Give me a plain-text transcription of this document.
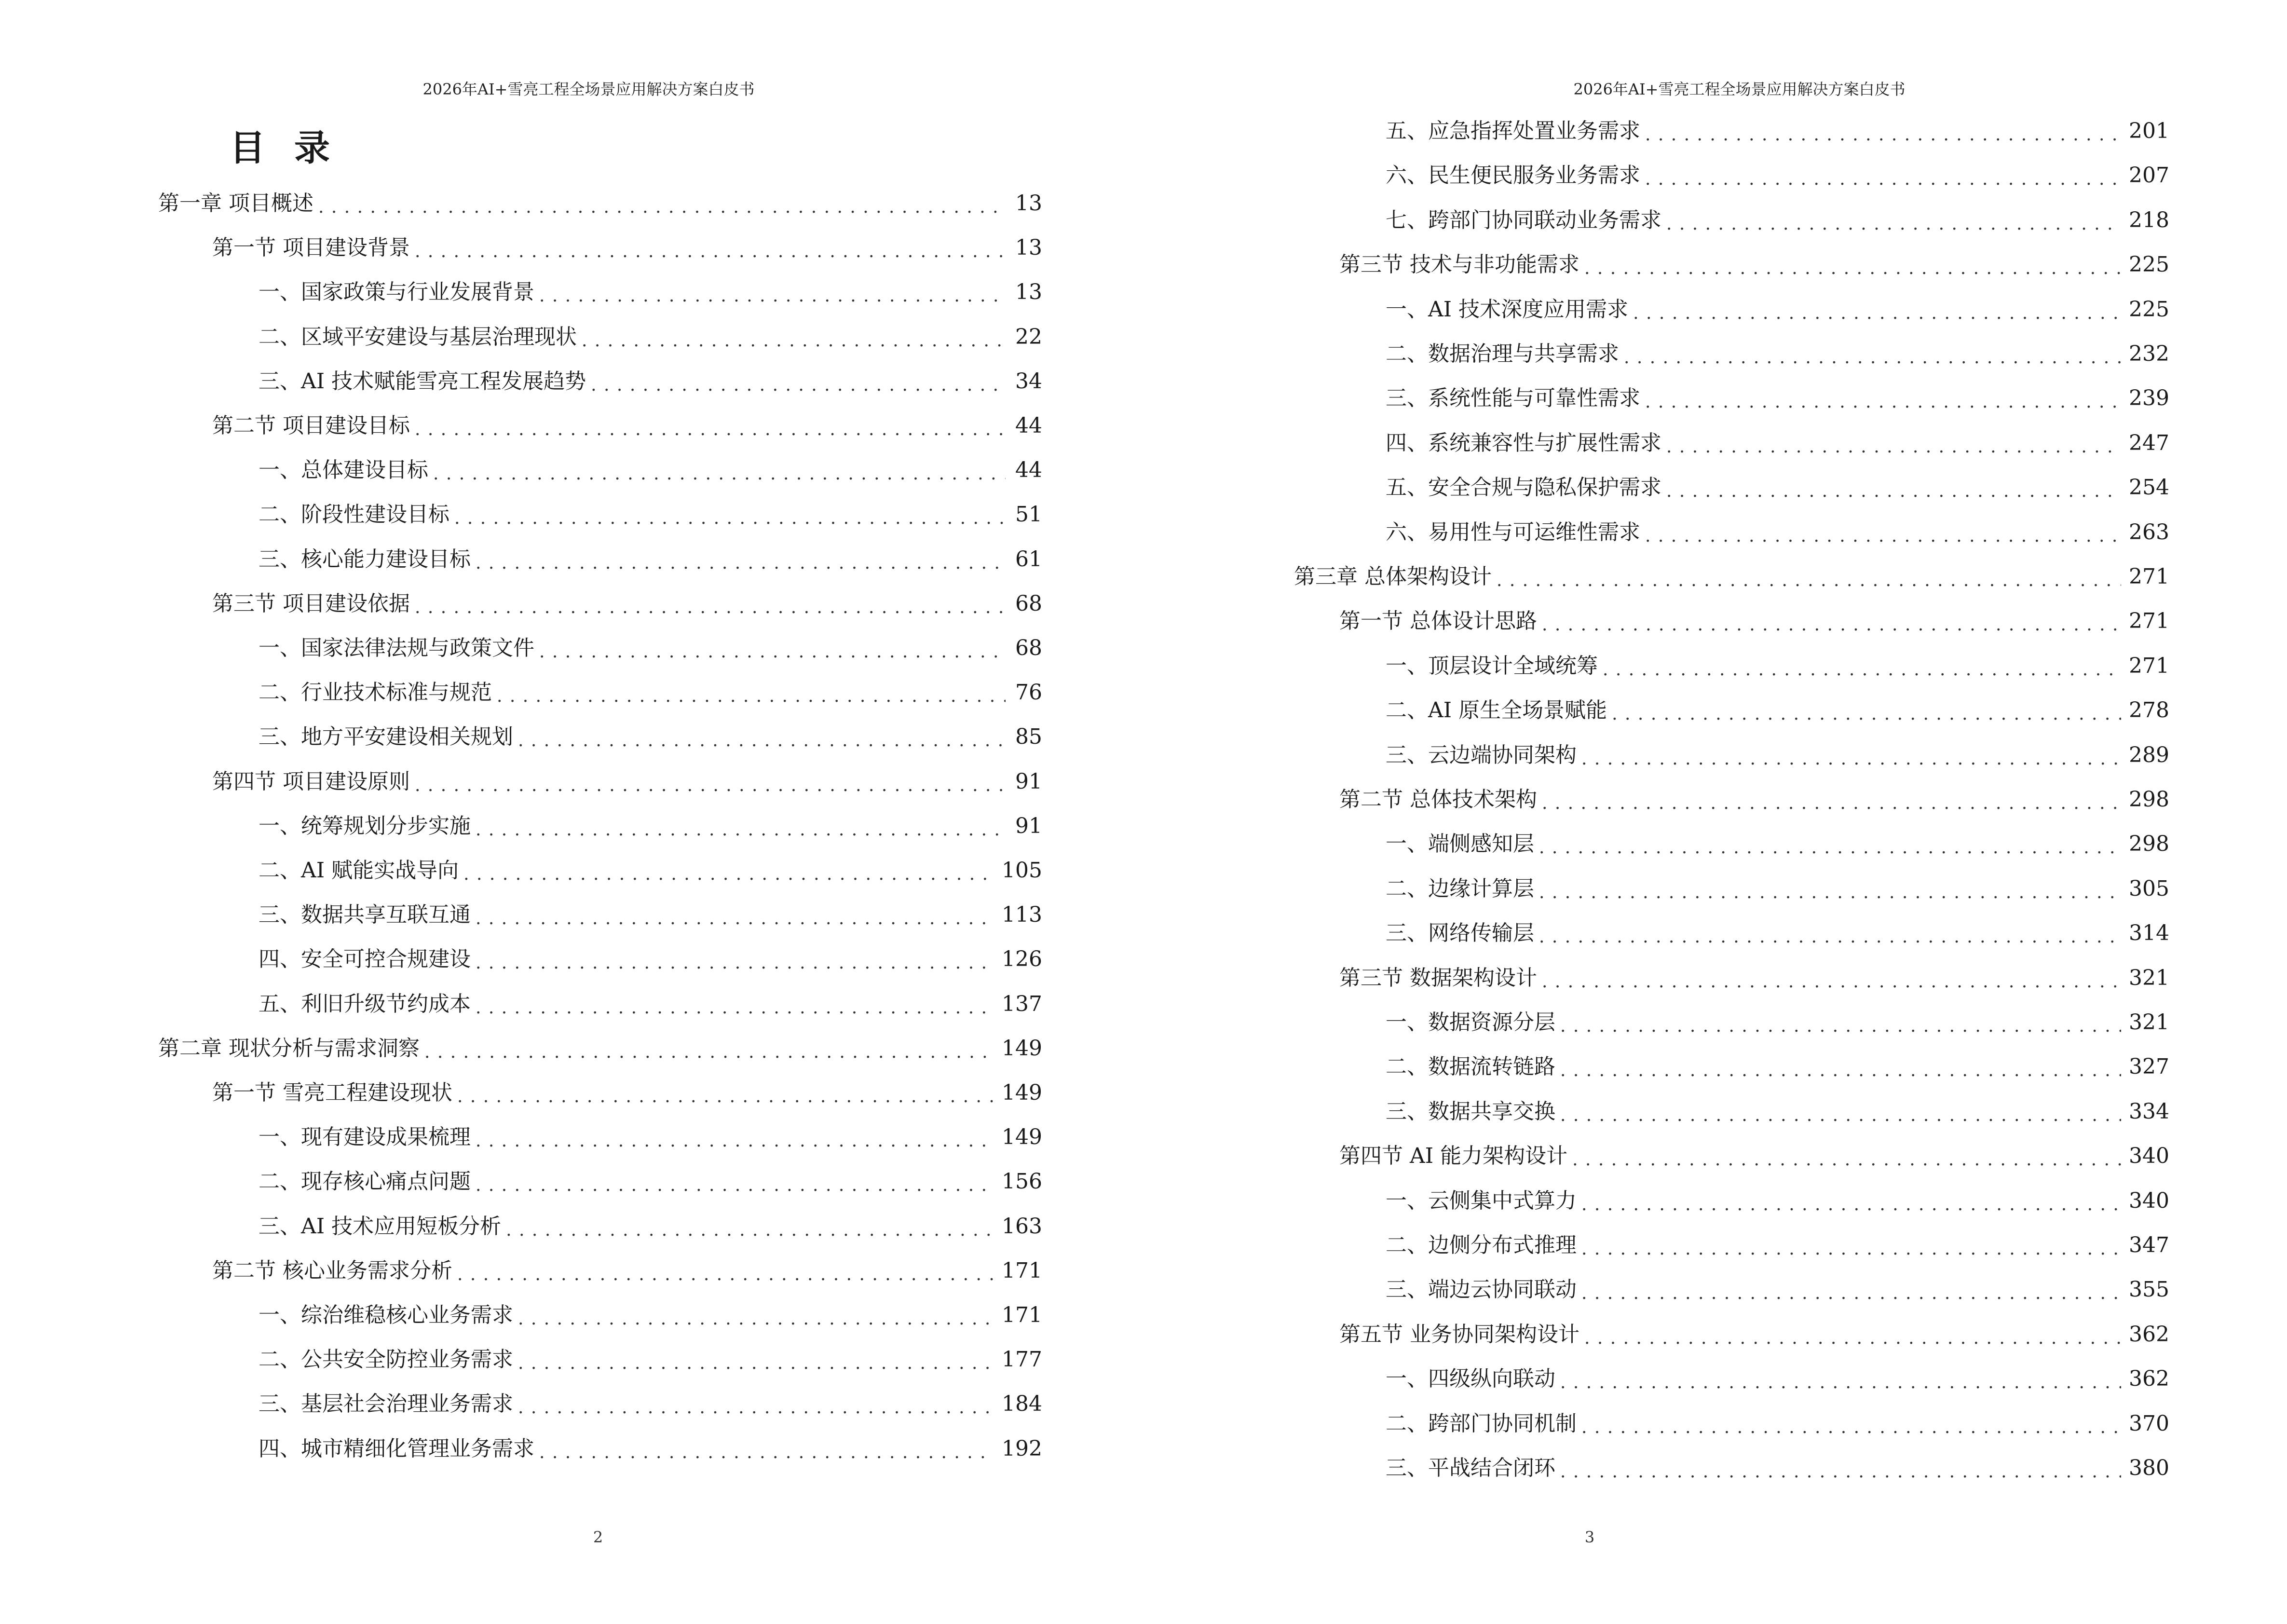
2026年AI+雪亮工程全场景应用解决方案白皮书
目录
第一章 项目概述 . . .	13
第一节 项目建设背景 . . .	13
一、国家政策与行业发展背景 . . .	13
二、区域平安建设与基层治理现状 . . .	22
三、AI 技术赋能雪亮工程发展趋势 . . .	34
第二节 项目建设目标 . . .	44
一、总体建设目标 . . .	44
二、阶段性建设目标 . . .	51
三、核心能力建设目标 . . .	61
第三节 项目建设依据 . . .	68
一、国家法律法规与政策文件 . . .	68
二、行业技术标准与规范 . . .	76
三、地方平安建设相关规划 . . .	85
第四节 项目建设原则 . . .	91
一、统筹规划分步实施 . . .	91
二、AI 赋能实战导向 . . .	105
三、数据共享互联互通 . . .	113
四、安全可控合规建设 . . .	126
五、利旧升级节约成本 . . .	137
第二章 现状分析与需求洞察 . . .	149
第一节 雪亮工程建设现状 . . .	149
一、现有建设成果梳理 . . .	149
二、现存核心痛点问题 . . .	156
三、AI 技术应用短板分析 . . .	163
第二节 核心业务需求分析 . . .	171
一、综治维稳核心业务需求 . . .	171
二、公共安全防控业务需求 . . .	177
三、基层社会治理业务需求 . . .	184
四、城市精细化管理业务需求 . . .	192
2
2026年AI+雪亮工程全场景应用解决方案白皮书
五、应急指挥处置业务需求 . . .	201
六、民生便民服务业务需求 . . .	207
七、跨部门协同联动业务需求 . . .	218
第三节 技术与非功能需求 . . .	225
一、AI 技术深度应用需求 . . .	225
二、数据治理与共享需求 . . .	232
三、系统性能与可靠性需求 . . .	239
四、系统兼容性与扩展性需求 . . .	247
五、安全合规与隐私保护需求 . . .	254
六、易用性与可运维性需求 . . .	263
第三章 总体架构设计 . . .	271
第一节 总体设计思路 . . .	271
一、顶层设计全域统筹 . . .	271
二、AI 原生全场景赋能 . . .	278
三、云边端协同架构 . . .	289
第二节 总体技术架构 . . .	298
一、端侧感知层 . . .	298
二、边缘计算层 . . .	305
三、网络传输层 . . .	314
第三节 数据架构设计 . . .	321
一、数据资源分层 . . .	321
二、数据流转链路 . . .	327
三、数据共享交换 . . .	334
第四节 AI 能力架构设计 . . .	340
一、云侧集中式算力 . . .	340
二、边侧分布式推理 . . .	347
三、端边云协同联动 . . .	355
第五节 业务协同架构设计 . . .	362
一、四级纵向联动 . . .	362
二、跨部门协同机制 . . .	370
三、平战结合闭环 . . .	380
3
